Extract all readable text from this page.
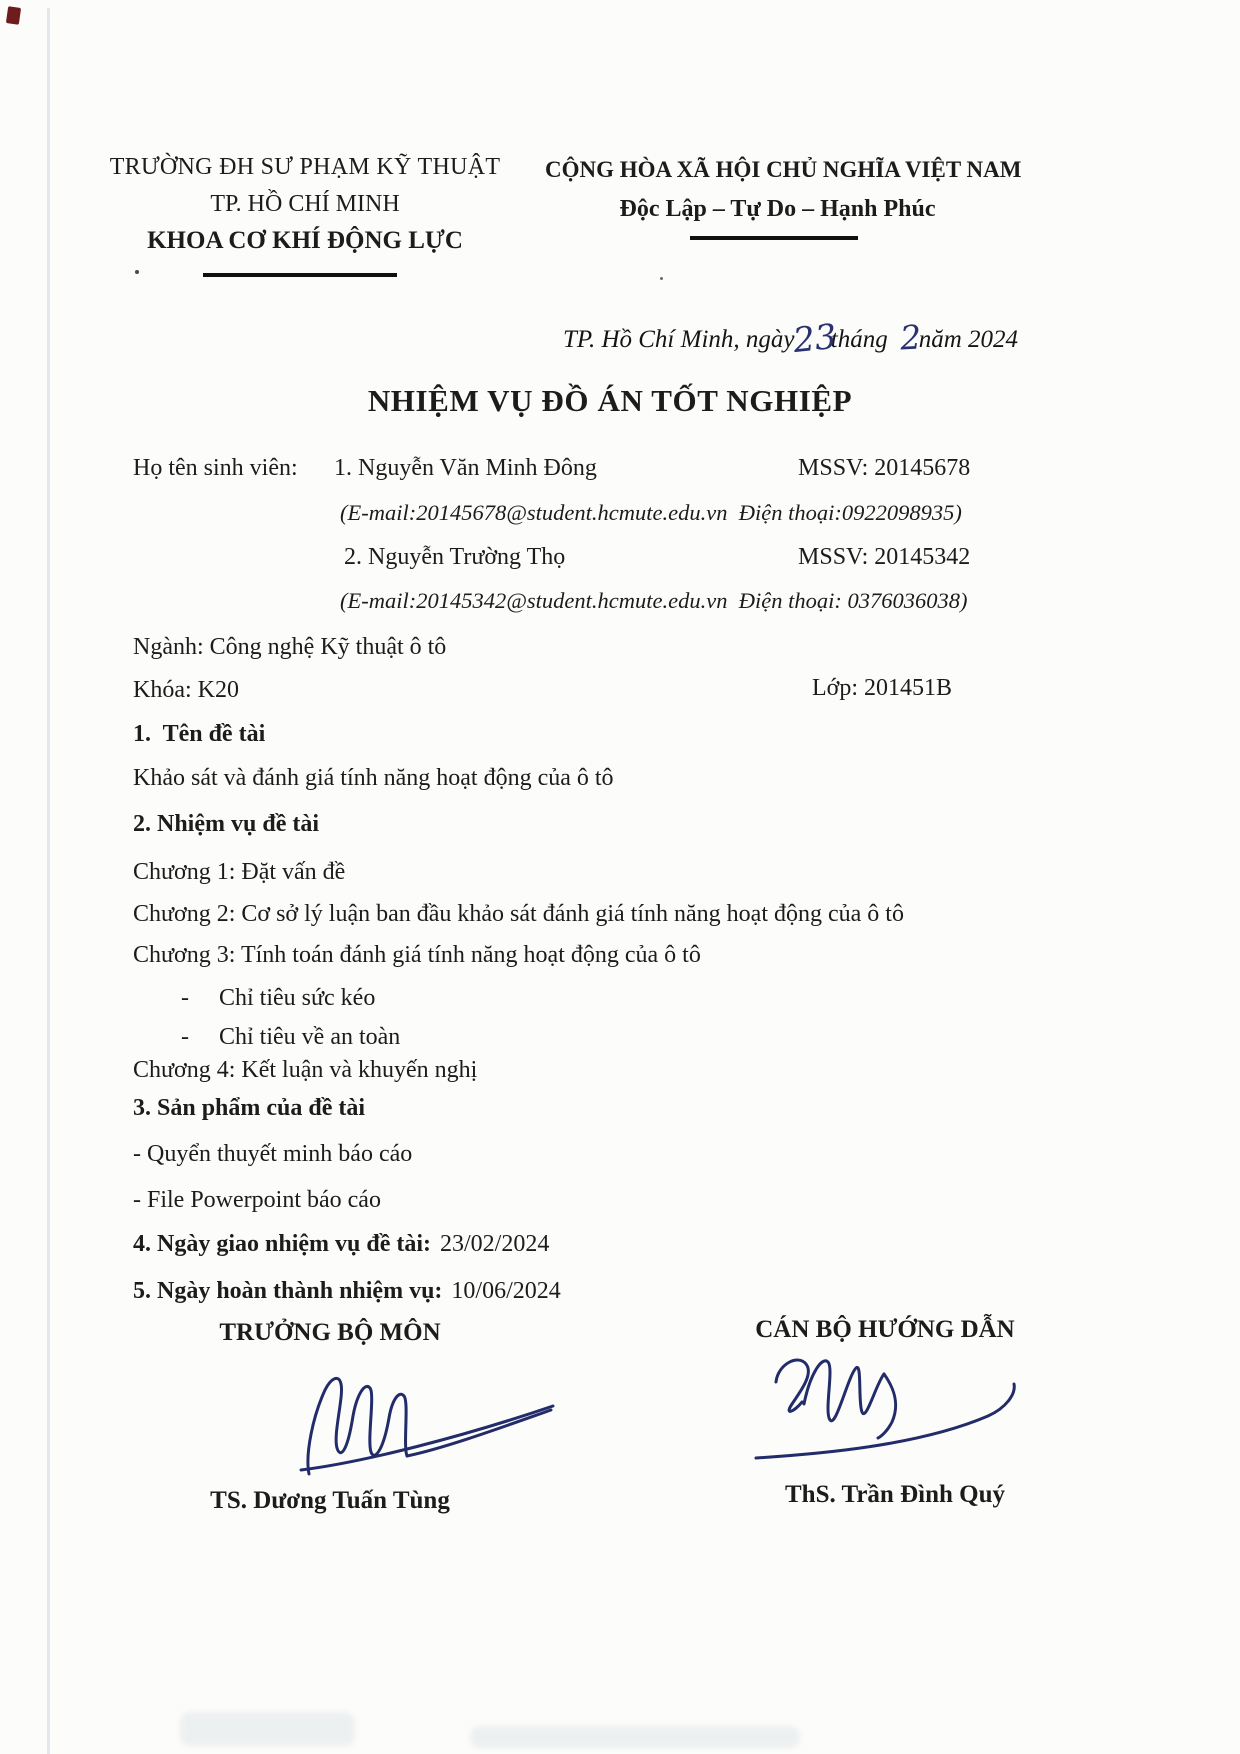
TRƯỜNG ĐH SƯ PHẠM KỸ THUẬT
TP. HỒ CHÍ MINH
KHOA CƠ KHÍ ĐỘNG LỰC
CỘNG HÒA XÃ HỘI CHỦ NGHĨA VIỆT NAM
Độc Lập – Tự Do – Hạnh Phúc
TP. Hồ Chí Minh, ngày23tháng 2năm 2024
NHIỆM VỤ ĐỒ ÁN TỐT NGHIỆP
Họ tên sinh viên: 1. Nguyễn Văn Minh Đông	MSSV: 20145678
(E-mail:20145678@student.hcmute.edu.vn  Điện thoại:0922098935)
2. Nguyễn Trường Thọ	MSSV: 20145342
(E-mail:20145342@student.hcmute.edu.vn  Điện thoại: 0376036038)
Ngành: Công nghệ Kỹ thuật ô tô
Khóa: K20	Lớp: 201451B
1.  Tên đề tài
Khảo sát và đánh giá tính năng hoạt động của ô tô
2. Nhiệm vụ đề tài
Chương 1: Đặt vấn đề
Chương 2: Cơ sở lý luận ban đầu khảo sát đánh giá tính năng hoạt động của ô tô
Chương 3: Tính toán đánh giá tính năng hoạt động của ô tô
- Chỉ tiêu sức kéo
- Chỉ tiêu về an toàn
Chương 4: Kết luận và khuyến nghị
3. Sản phẩm của đề tài
- Quyển thuyết minh báo cáo
- File Powerpoint báo cáo
4. Ngày giao nhiệm vụ đề tài: 23/02/2024
5. Ngày hoàn thành nhiệm vụ: 10/06/2024
TRƯỞNG BỘ MÔN	CÁN BỘ HƯỚNG DẪN
TS. Dương Tuấn Tùng	ThS. Trần Đình Quý
